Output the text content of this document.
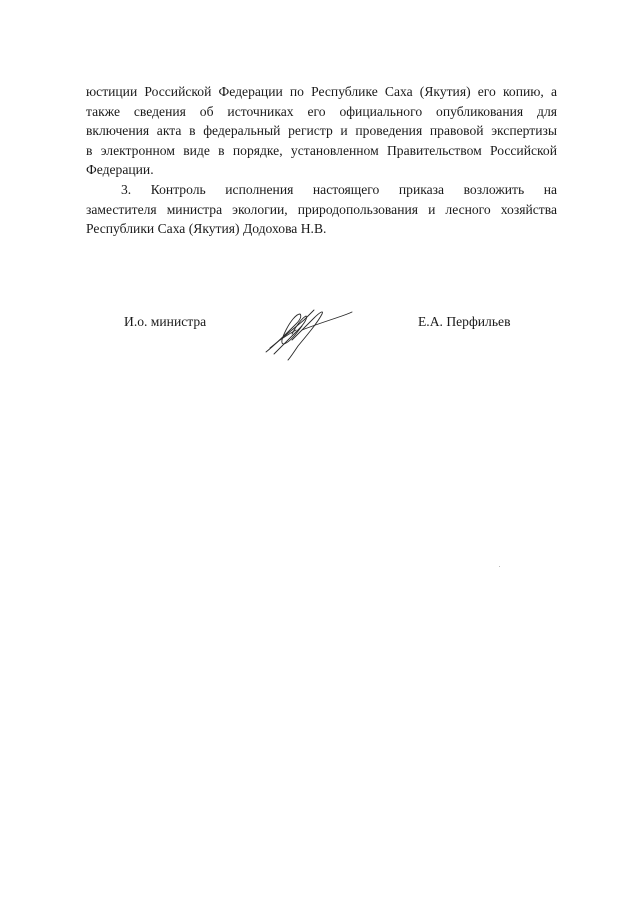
юстиции Российской Федерации по Республике Саха (Якутия) его копию, а
также сведения об источниках его официального опубликования для
включения акта в федеральный регистр и проведения правовой экспертизы
в электронном виде в порядке, установленном Правительством Российской
Федерации.
3. Контроль исполнения настоящего приказа возложить на
заместителя министра экологии, природопользования и лесного хозяйства
Республики Саха (Якутия) Додохова Н.В.
И.о. министра	Е.А. Перфильев
